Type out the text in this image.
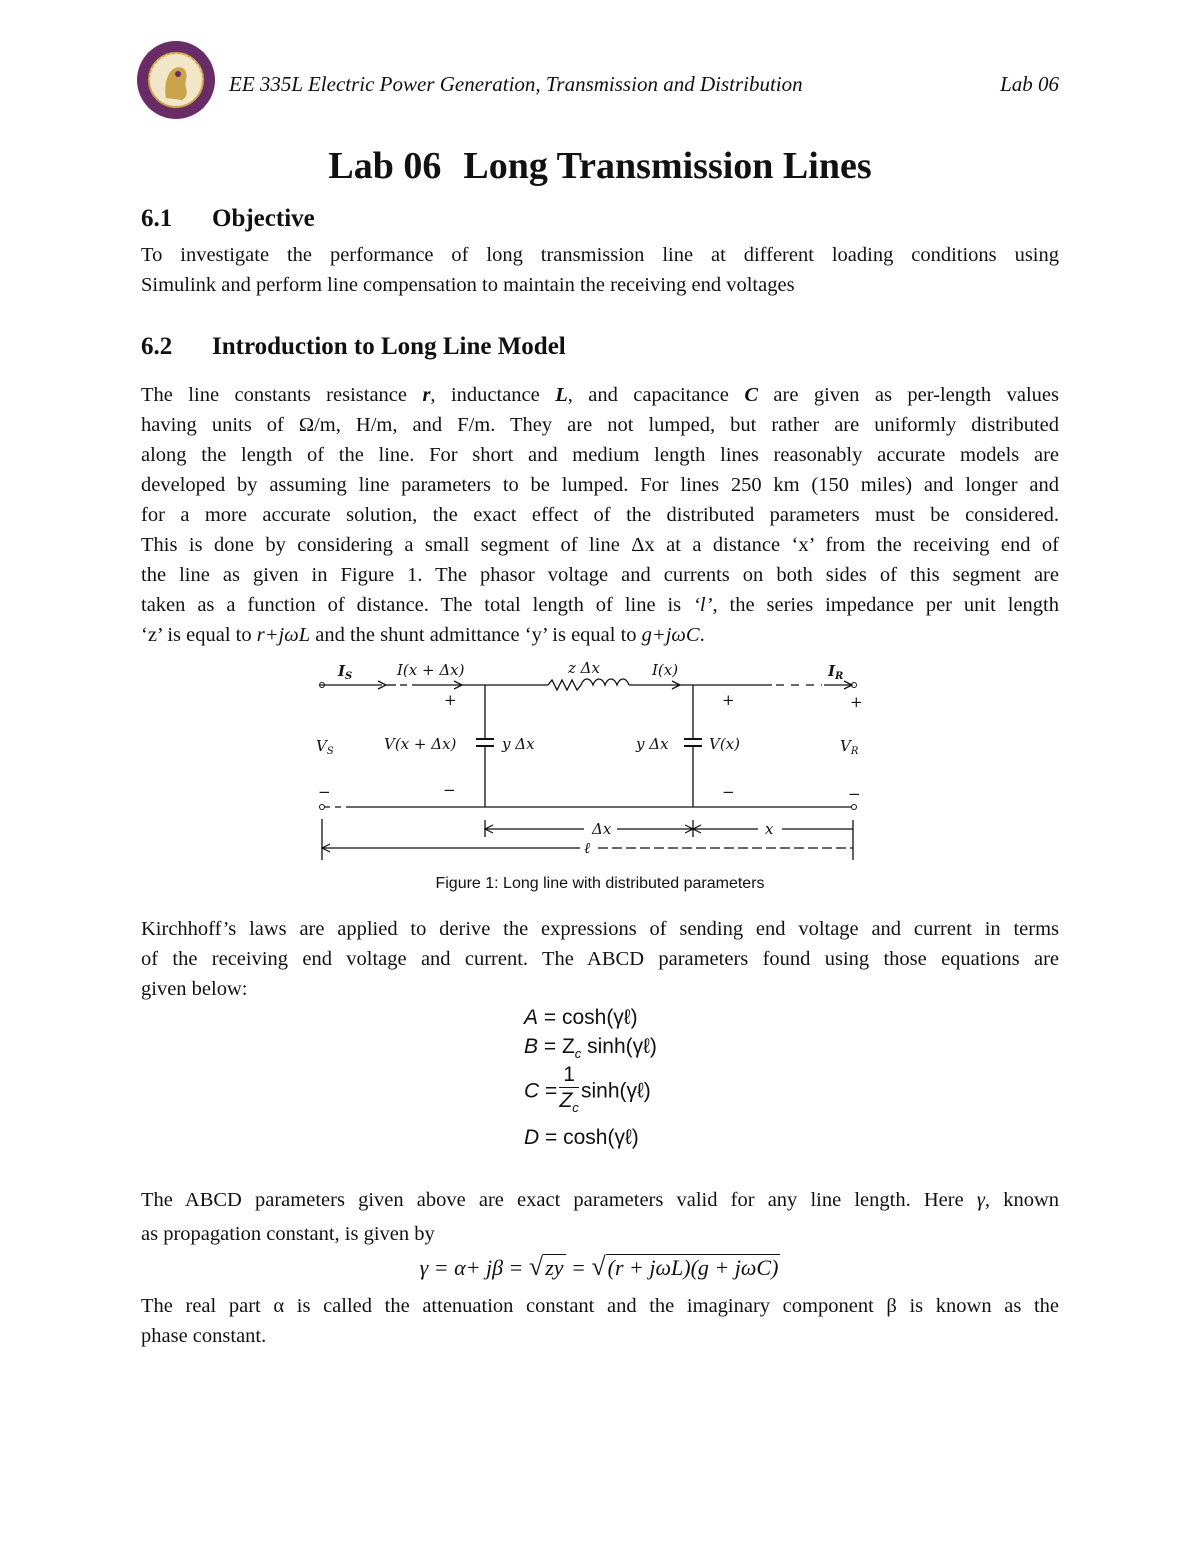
EE 335L Electric Power Generation, Transmission and Distribution	Lab 06
Lab 06 Long Transmission Lines
6.1 Objective
To investigate the performance of long transmission line at different loading conditions using
Simulink and perform line compensation to maintain the receiving end voltages
6.2 Introduction to Long Line Model
The line constants resistance r, inductance L, and capacitance C are given as per-length values
having units of Ω/m, H/m, and F/m. They are not lumped, but rather are uniformly distributed
along the length of the line. For short and medium length lines reasonably accurate models are
developed by assuming line parameters to be lumped. For lines 250 km (150 miles) and longer and
for a more accurate solution, the exact effect of the distributed parameters must be considered.
This is done by considering a small segment of line Δx at a distance ‘x’ from the receiving end of
the line as given in Figure 1. The phasor voltage and currents on both sides of this segment are
taken as a function of distance. The total length of line is ‘l’, the series impedance per unit length
‘z’ is equal to r+jωL and the shunt admittance ‘y’ is equal to g+jωC.
$I_S$	I(x + Δx)	z Δx	I(x)	$I_R$
+	+	+
$V_S$	V(x + Δx)	y Δx	y Δx	V(x)	$V_R$
−	−	−	−
Δx	x
ℓ
Figure 1: Long line with distributed parameters
Kirchhoff’s laws are applied to derive the expressions of sending end voltage and current in terms
of the receiving end voltage and current. The ABCD parameters found using those equations are
given below:
A = cosh(γℓ)
$B = Z_c$ sinh(γℓ)
$C = \frac{1}{Z_c}$ sinh(γℓ)
D = cosh(γℓ)
The ABCD parameters given above are exact parameters valid for any line length. Here γ, known
as propagation constant, is given by
γ = α+ jβ = √zy = √(r + jωL)(g + jωC)
The real part α is called the attenuation constant and the imaginary component β is known as the
phase constant.
